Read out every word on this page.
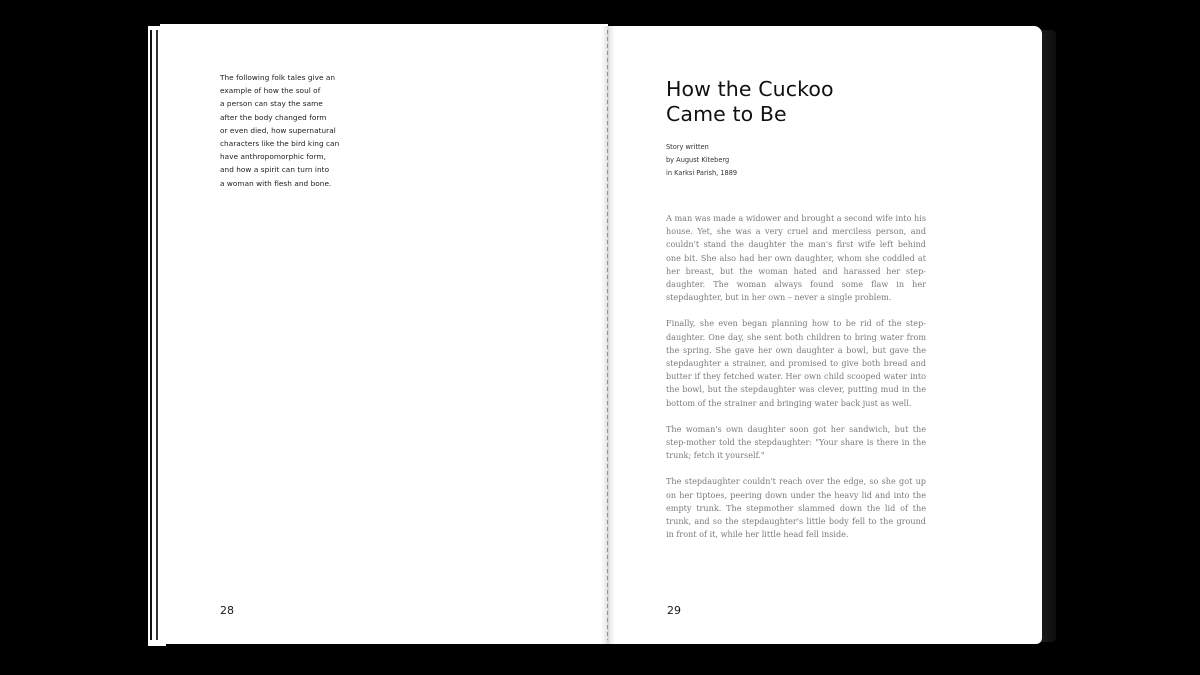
The following folk tales give an
example of how the soul of
a person can stay the same
after the body changed form
or even died, how supernatural
characters like the bird king can
have anthropomorphic form,
and how a spirit can turn into
a woman with flesh and bone.
28
How the Cuckoo
Came to Be
Story written
by August Kiteberg
in Karksi Parish, 1889

A man was made a widower and brought a second wife into his house. Yet, she was a very cruel and merciless person, and couldn't stand the daughter the man's first wife left behind one bit. She also had her own daughter, whom she coddled at her breast, but the woman hated and harassed her step-daughter. The woman always found some flaw in her stepdaughter, but in her own – never a single problem.

Finally, she even began planning how to be rid of the step-daughter. One day, she sent both children to bring water from the spring. She gave her own daughter a bowl, but gave the stepdaughter a strainer, and promised to give both bread and butter if they fetched water. Her own child scooped water into the bowl, but the stepdaughter was clever, putting mud in the bottom of the strainer and bringing water back just as well.

The woman's own daughter soon got her sandwich, but the step-mother told the stepdaughter: "Your share is there in the trunk; fetch it yourself."

The stepdaughter couldn't reach over the edge, so she got up on her tiptoes, peering down under the heavy lid and into the empty trunk. The stepmother slammed down the lid of the trunk, and so the stepdaughter's little body fell to the ground in front of it, while her little head fell inside.

29
